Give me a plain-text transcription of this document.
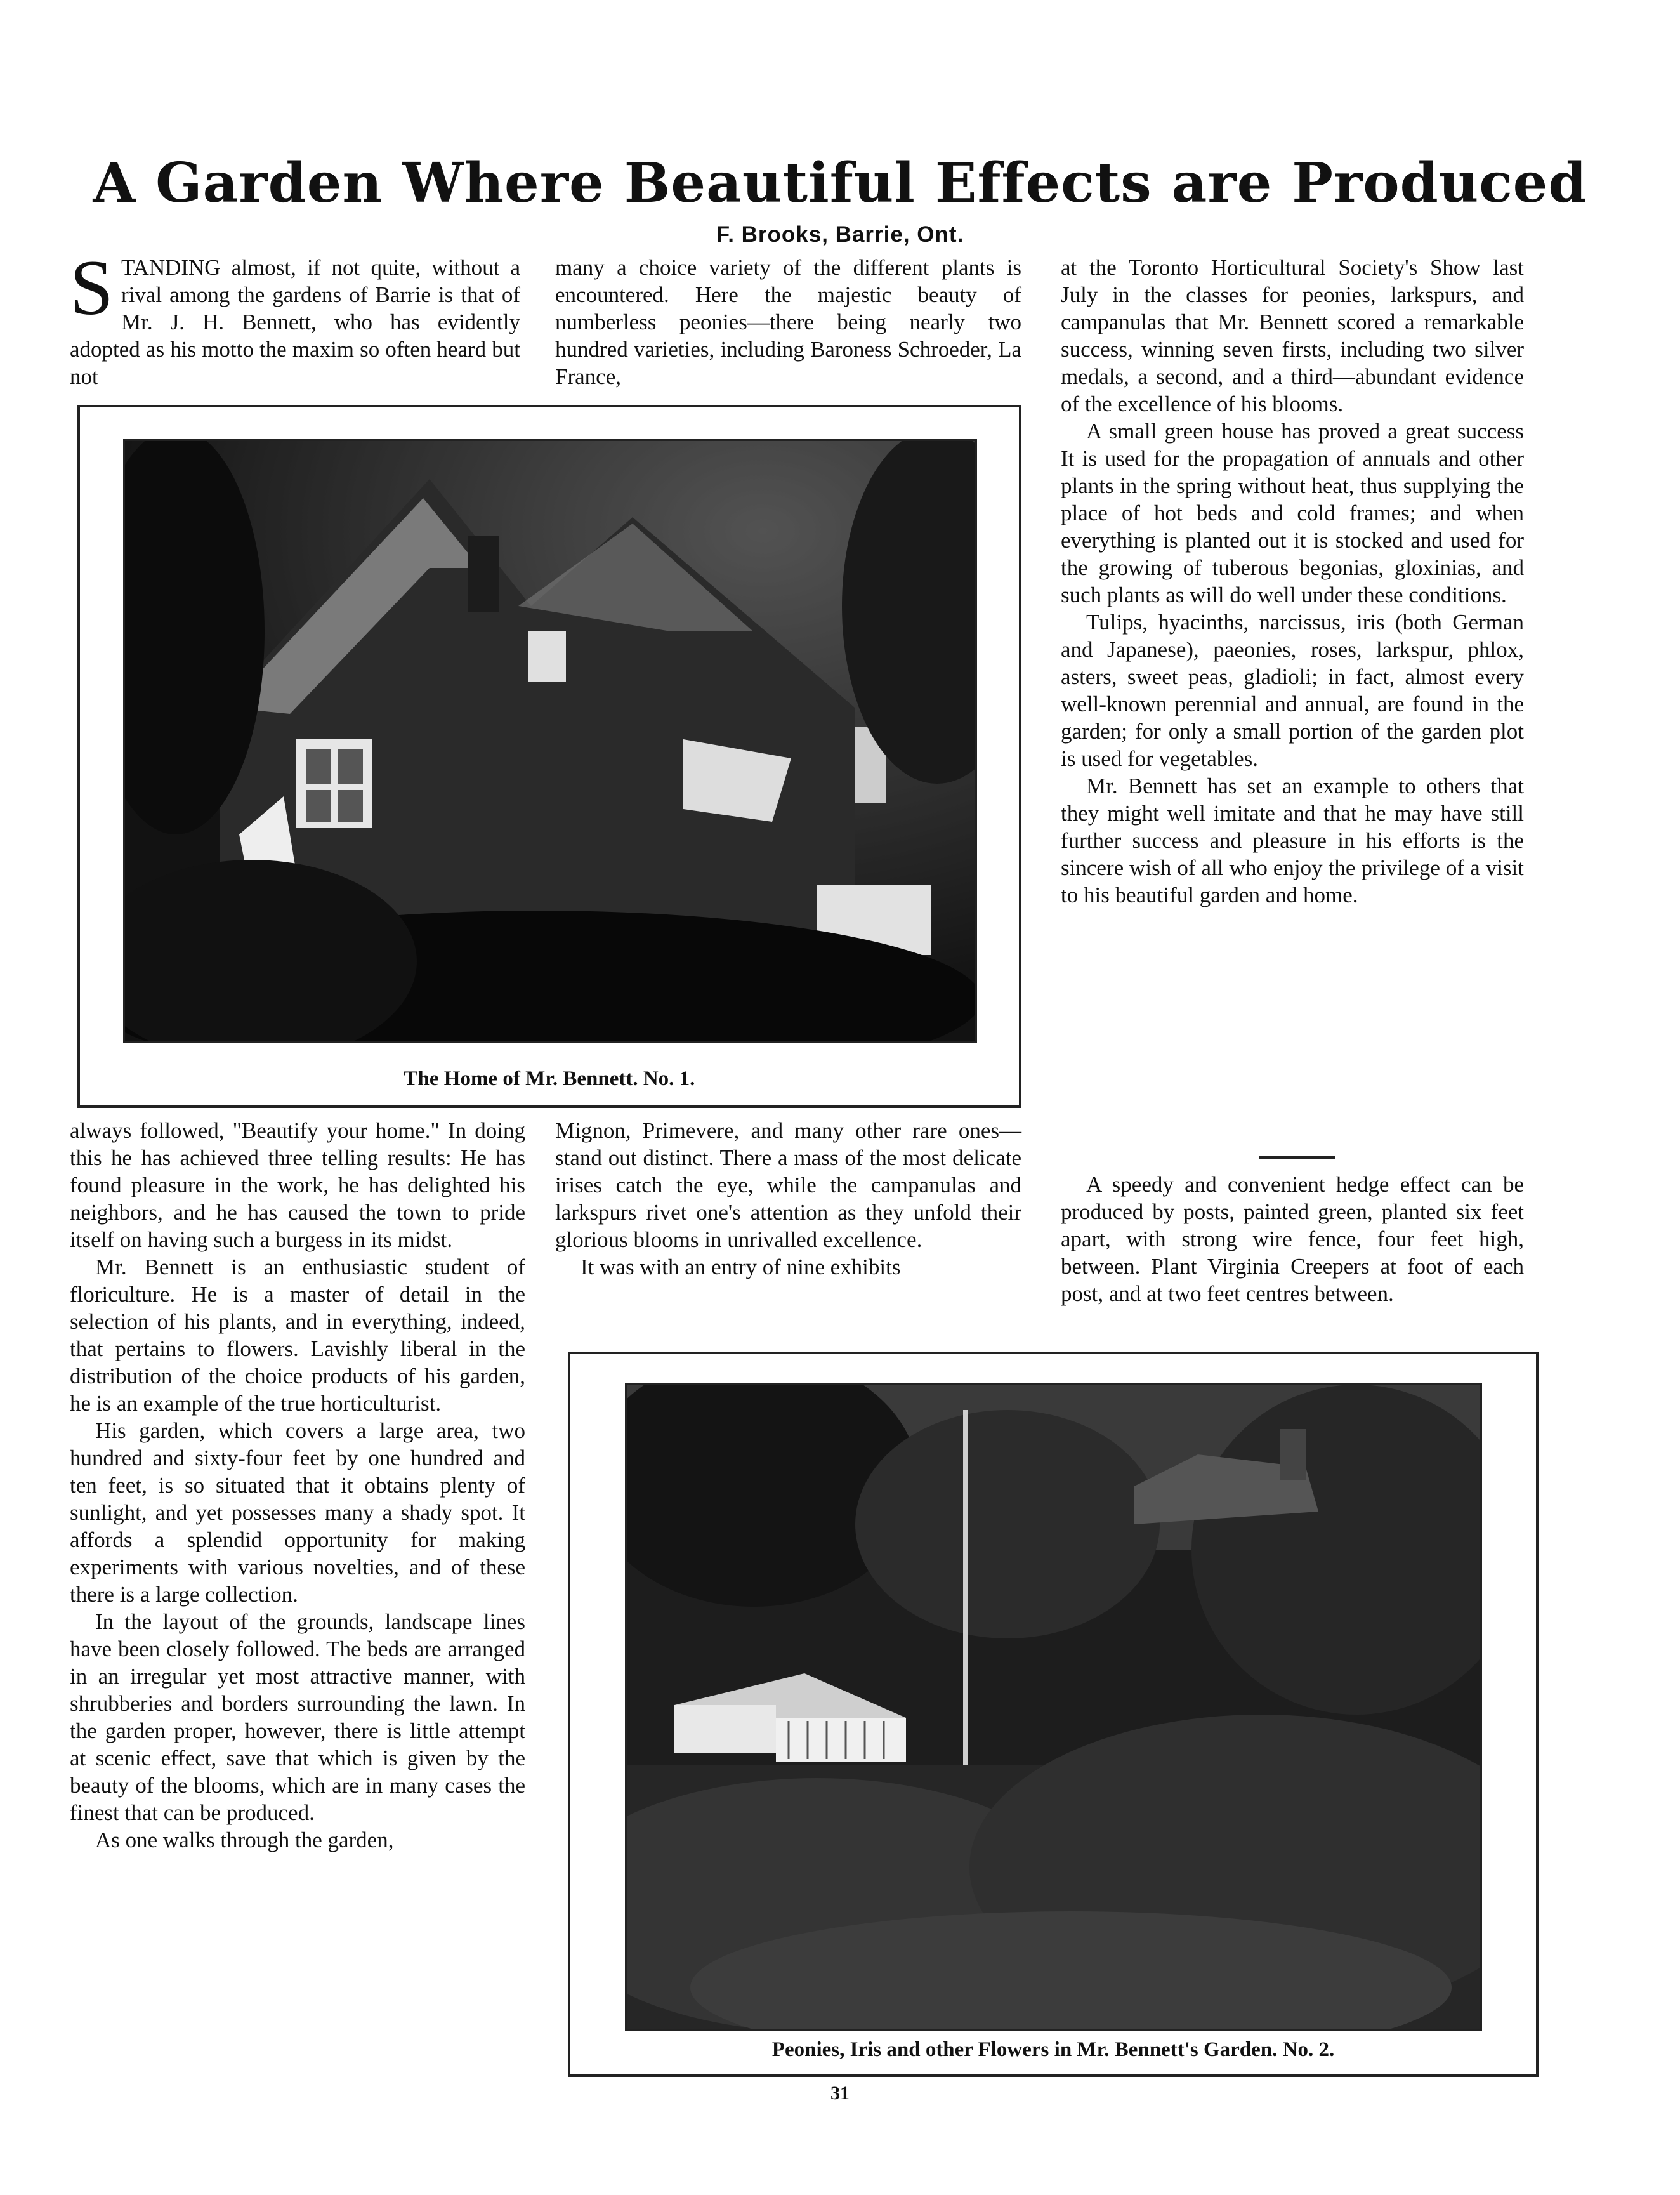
A Garden Where Beautiful Effects are Produced
F. Brooks, Barrie, Ont.

STANDING almost, if not quite, without a rival among the gardens of Barrie is that of Mr. J. H. Bennett, who has evidently adopted as his motto the maxim so often heard but not

many a choice variety of the different plants is encountered. Here the majestic beauty of numberless peonies—there being nearly two hundred varieties, including Baroness Schroeder, La France,

The Home of Mr. Bennett. No. 1.

always followed, "Beautify your home." In doing this he has achieved three telling results: He has found pleasure in the work, he has delighted his neighbors, and he has caused the town to pride itself on having such a burgess in its midst.

Mr. Bennett is an enthusiastic student of floriculture. He is a master of detail in the selection of his plants, and in everything, indeed, that pertains to flowers. Lavishly liberal in the distribution of the choice products of his garden, he is an example of the true horticulturist.

His garden, which covers a large area, two hundred and sixty-four feet by one hundred and ten feet, is so situated that it obtains plenty of sunlight, and yet possesses many a shady spot. It affords a splendid opportunity for making experiments with various novelties, and of these there is a large collection.

In the layout of the grounds, landscape lines have been closely followed. The beds are arranged in an irregular yet most attractive manner, with shrubberies and borders surrounding the lawn. In the garden proper, however, there is little attempt at scenic effect, save that which is given by the beauty of the blooms, which are in many cases the finest that can be produced.

As one walks through the garden,

Mignon, Primevere, and many other rare ones—stand out distinct. There a mass of the most delicate irises catch the eye, while the campanulas and larkspurs rivet one's attention as they unfold their glorious blooms in unrivalled excellence.

It was with an entry of nine exhibits

at the Toronto Horticultural Society's Show last July in the classes for peonies, larkspurs, and campanulas that Mr. Bennett scored a remarkable success, winning seven firsts, including two silver medals, a second, and a third—abundant evidence of the excellence of his blooms.

A small green house has proved a great success It is used for the propagation of annuals and other plants in the spring without heat, thus supplying the place of hot beds and cold frames; and when everything is planted out it is stocked and used for the growing of tuberous begonias, gloxinias, and such plants as will do well under these conditions.

Tulips, hyacinths, narcissus, iris (both German and Japanese), paeonies, roses, larkspur, phlox, asters, sweet peas, gladioli; in fact, almost every well-known perennial and annual, are found in the garden; for only a small portion of the garden plot is used for vegetables.

Mr. Bennett has set an example to others that they might well imitate and that he may have still further success and pleasure in his efforts is the sincere wish of all who enjoy the privilege of a visit to his beautiful garden and home.

A speedy and convenient hedge effect can be produced by posts, painted green, planted six feet apart, with strong wire fence, four feet high, between. Plant Virginia Creepers at foot of each post, and at two feet centres between.

Peonies, Iris and other Flowers in Mr. Bennett's Garden. No. 2.
31
